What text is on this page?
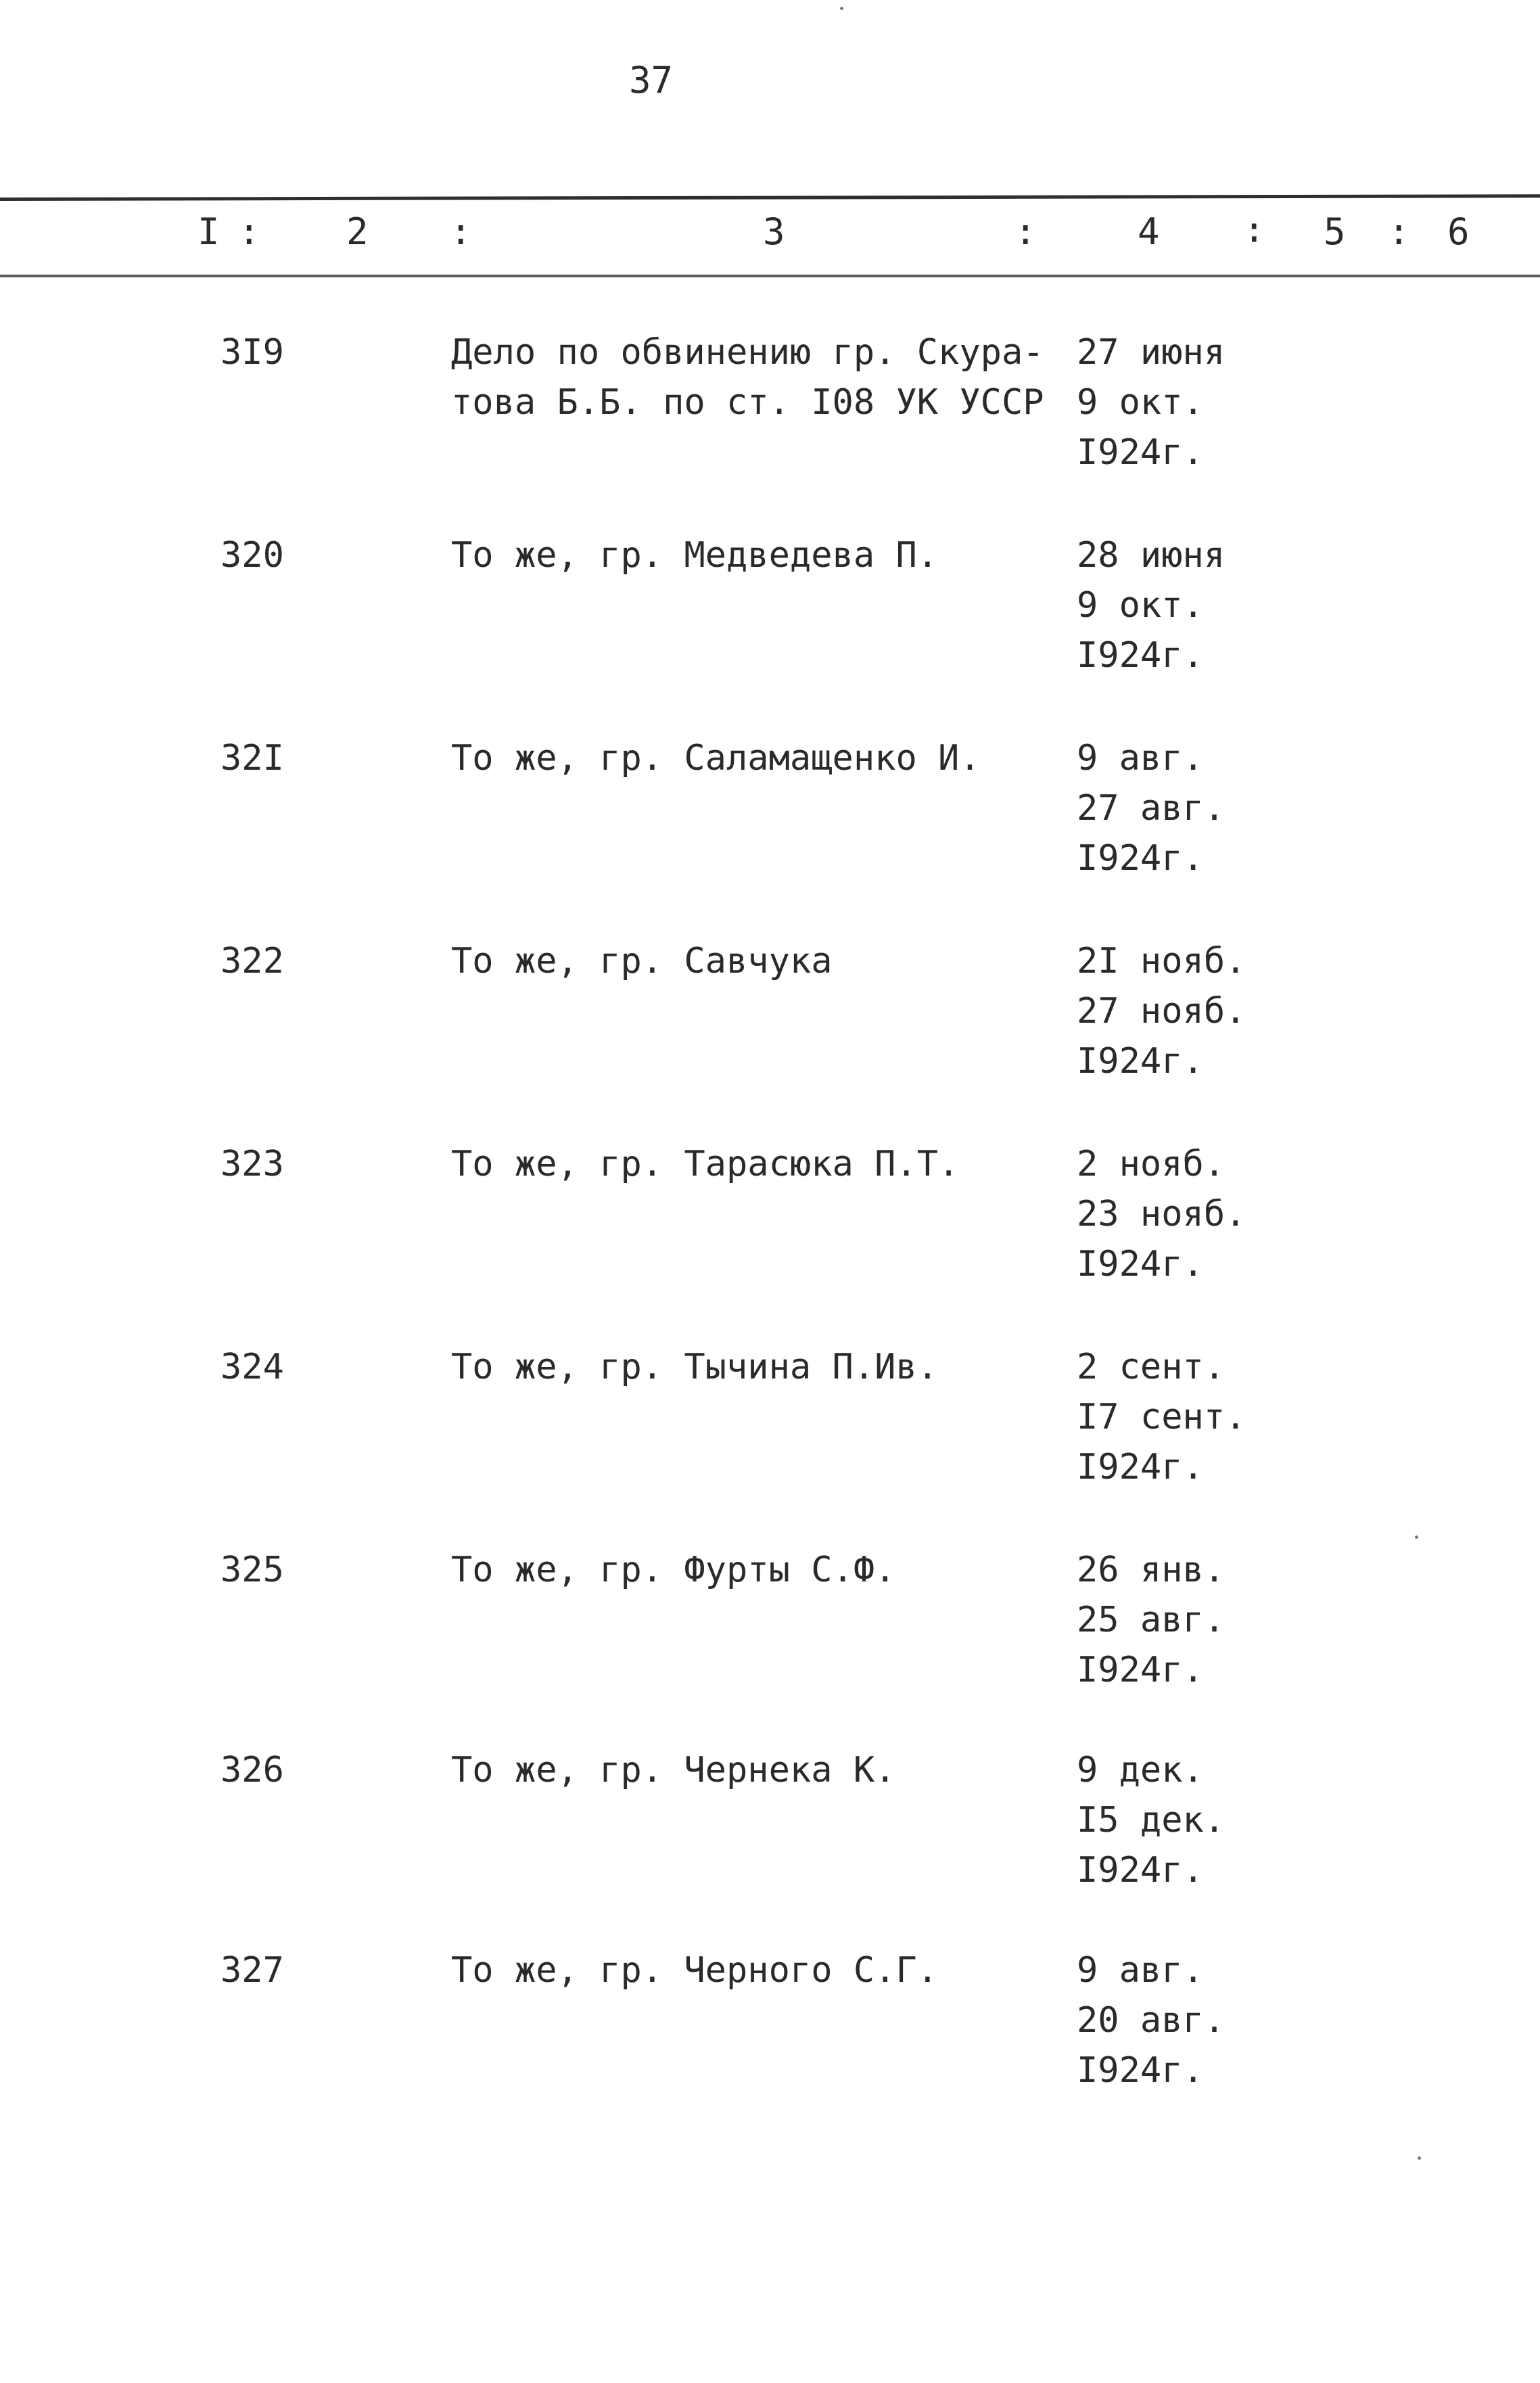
37
I : 2 :	3	:	4 ∶ 5 : 6
3I9	Дело по обвинению гр. Скура-
това Б.Б. по ст. I08 УК УССР
27 июня
9 окт.
I924г.
320	То же, гр. Медведева П.	28 июня
9 окт.
I924г.
32I	То же, гр. Саламащенко И.	9 авг.
27 авг.
I924г.
322	То же, гр. Савчука	2I нояб.
27 нояб.
I924г.
323	То же, гр. Тарасюка П.Т.	2 нояб.
23 нояб.
I924г.
324	То же, гр. Тычина П.Ив.	2 сент.
I7 сент.
I924г.
325	То же, гр. Фурты С.Ф.	26 янв.
25 авг.
I924г.
326	То же, гр. Чернека К.	9 дек.
I5 дек.
I924г.
327	То же, гр. Черного С.Г.	9 авг.
20 авг.
I924г.
